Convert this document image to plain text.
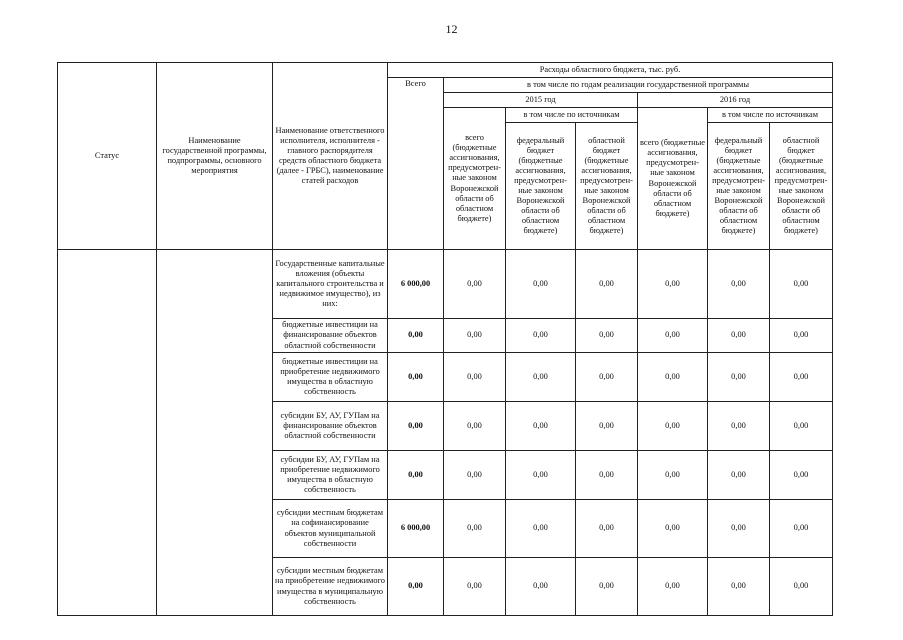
12
Статус	Наименование государственной программы, подпрограммы, основного мероприятия	Наименование ответственного исполнителя, исполнителя - главного распорядителя средств областного бюджета (далее - ГРБС), наименование статей расходов	Расходы областного бюджета, тыс. руб.						
			Всего	в том числе по годам реализации государственной программы					
				2015 год			2016 год		
				всего (бюджетные ассигнования, предусмотрен-ные законом Воронежской области об областном бюджете)	в том числе по источникам		всего (бюджетные ассигнования, предусмотрен-ные законом Воронежской области об областном бюджете)	в том числе по источникам	
					федеральный бюджет (бюджетные ассигнования, предусмотрен-ные законом Воронежской области об областном бюджете)	областной бюджет (бюджетные ассигнования, предусмотрен-ные законом Воронежской области об областном бюджете)		федеральный бюджет (бюджетные ассигнования, предусмотрен-ные законом Воронежской области об областном бюджете)	областной бюджет (бюджетные ассигнования, предусмотрен-ные законом Воронежской области об областном бюджете)
		Государственные капитальные вложения (объекты капитального строительства и недвижимое имущество), из них:	6 000,00	0,00	0,00	0,00	0,00	0,00	0,00
		бюджетные инвестиции на финансирование объектов областной собственности	0,00	0,00	0,00	0,00	0,00	0,00	0,00
		бюджетные инвестиции на приобретение недвижимого имущества в областную собственность	0,00	0,00	0,00	0,00	0,00	0,00	0,00
		субсидии БУ, АУ, ГУПам на финансирование объектов областной собственности	0,00	0,00	0,00	0,00	0,00	0,00	0,00
		субсидии БУ, АУ, ГУПам на приобретение недвижимого имущества в областную собственность	0,00	0,00	0,00	0,00	0,00	0,00	0,00
		субсидии местным бюджетам на софинансирование объектов муниципальной собственности	6 000,00	0,00	0,00	0,00	0,00	0,00	0,00
		субсидии местным бюджетам на приобретение недвижимого имущества в муниципальную собственность	0,00	0,00	0,00	0,00	0,00	0,00	0,00
